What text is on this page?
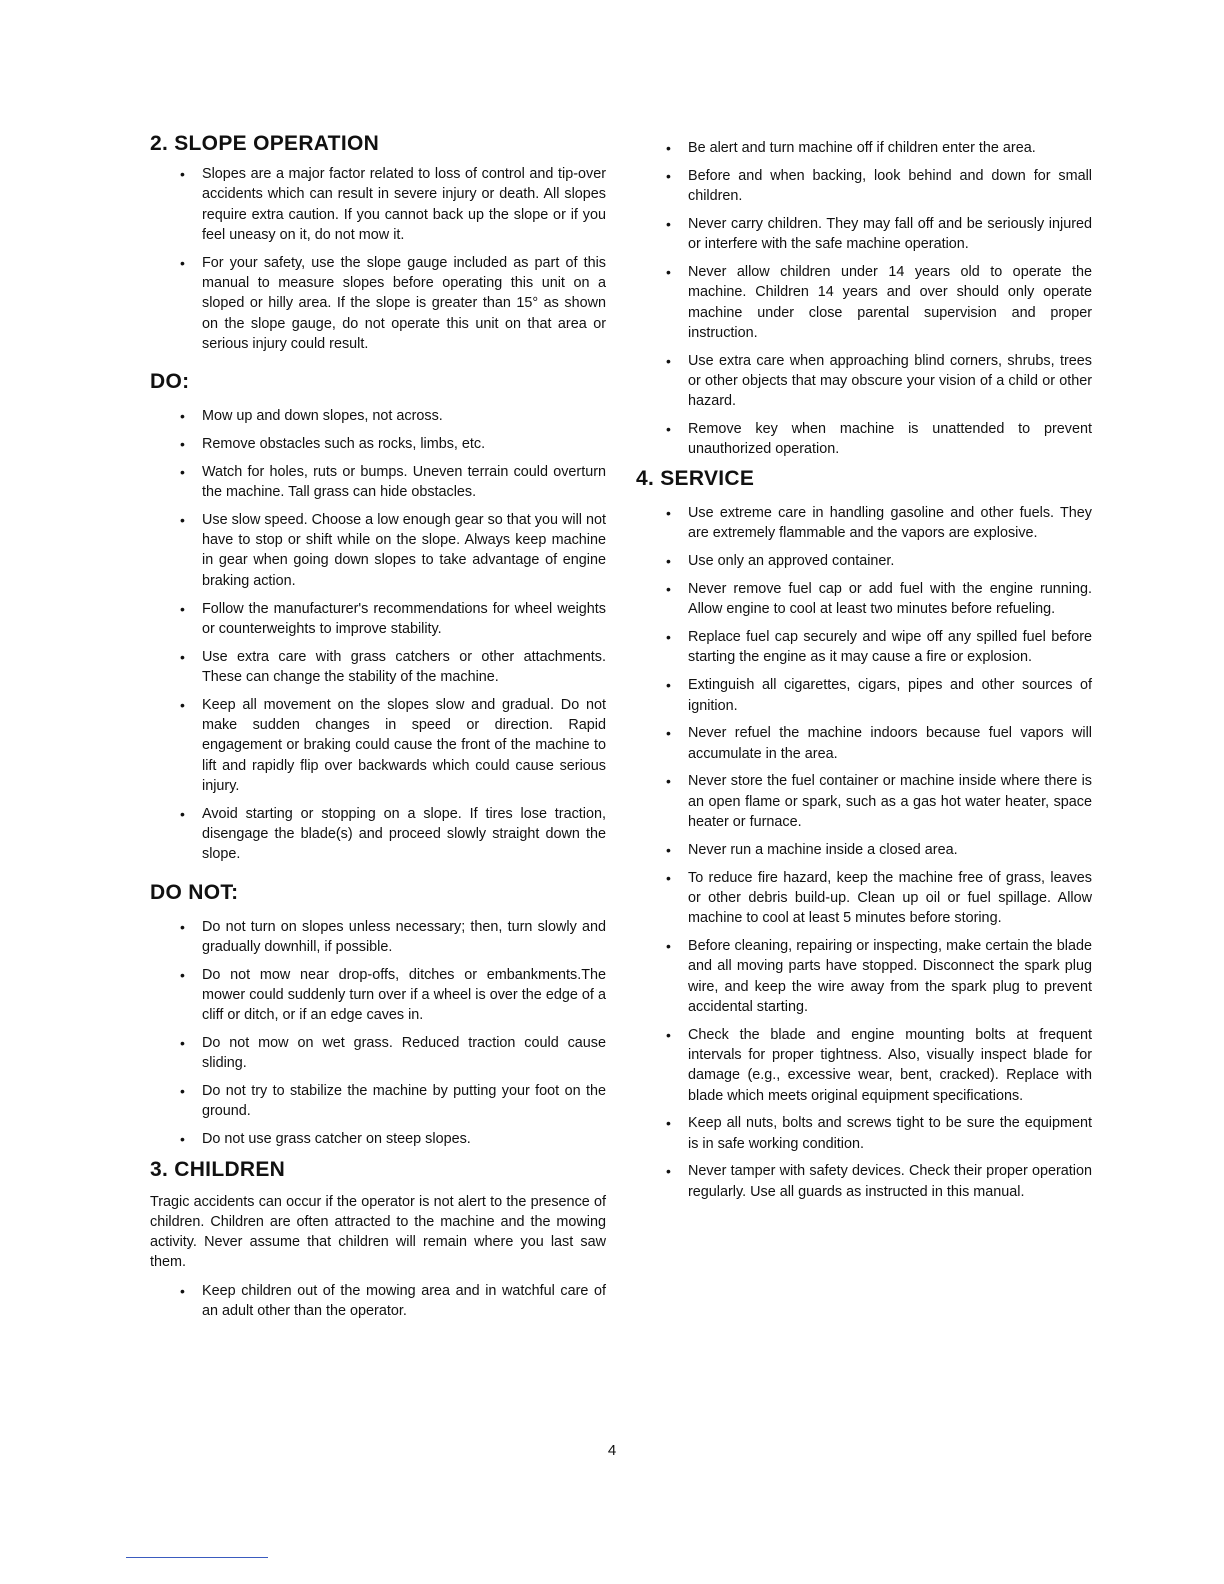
2. SLOPE OPERATION
• Slopes are a major factor related to loss of control and tip-over accidents which can result in severe injury or death. All slopes require extra caution. If you cannot back up the slope or if you feel uneasy on it, do not mow it.
• For your safety, use the slope gauge included as part of this manual to measure slopes before operating this unit on a sloped or hilly area. If the slope is greater than 15° as shown on the slope gauge, do not operate this unit on that area or serious injury could result.
DO:
• Mow up and down slopes, not across.
• Remove obstacles such as rocks, limbs, etc.
• Watch for holes, ruts or bumps. Uneven terrain could overturn the machine. Tall grass can hide obstacles.
• Use slow speed. Choose a low enough gear so that you will not have to stop or shift while on the slope. Always keep machine in gear when going down slopes to take advantage of engine braking action.
• Follow the manufacturer's recommendations for wheel weights or counterweights to improve stability.
• Use extra care with grass catchers or other attachments. These can change the stability of the machine.
• Keep all movement on the slopes slow and gradual. Do not make sudden changes in speed or direction. Rapid engagement or braking could cause the front of the machine to lift and rapidly flip over backwards which could cause serious injury.
• Avoid starting or stopping on a slope. If tires lose traction, disengage the blade(s) and proceed slowly straight down the slope.
DO NOT:
• Do not turn on slopes unless necessary; then, turn slowly and gradually downhill, if possible.
• Do not mow near drop-offs, ditches or embankments.The mower could suddenly turn over if a wheel is over the edge of a cliff or ditch, or if an edge caves in.
• Do not mow on wet grass. Reduced traction could cause sliding.
• Do not try to stabilize the machine by putting your foot on the ground.
• Do not use grass catcher on steep slopes.
3. CHILDREN

Tragic accidents can occur if the operator is not alert to the presence of children. Children are often attracted to the machine and the mowing activity. Never assume that children will remain where you last saw them.

• Keep children out of the mowing area and in watchful care of an adult other than the operator.
• Be alert and turn machine off if children enter the area.
• Before and when backing, look behind and down for small children.
• Never carry children. They may fall off and be seriously injured or interfere with the safe machine operation.
• Never allow children under 14 years old to operate the machine. Children 14 years and over should only operate machine under close parental supervision and proper instruction.
• Use extra care when approaching blind corners, shrubs, trees or other objects that may obscure your vision of a child or other hazard.
• Remove key when machine is unattended to prevent unauthorized operation.
4. SERVICE
• Use extreme care in handling gasoline and other fuels. They are extremely flammable and the vapors are explosive.
• Use only an approved container.
• Never remove fuel cap or add fuel with the engine running. Allow engine to cool at least two minutes before refueling.
• Replace fuel cap securely and wipe off any spilled fuel before starting the engine as it may cause a fire or explosion.
• Extinguish all cigarettes, cigars, pipes and other sources of ignition.
• Never refuel the machine indoors because fuel vapors will accumulate in the area.
• Never store the fuel container or machine inside where there is an open flame or spark, such as a gas hot water heater, space heater or furnace.
• Never run a machine inside a closed area.
• To reduce fire hazard, keep the machine free of grass, leaves or other debris build-up. Clean up oil or fuel spillage. Allow machine to cool at least 5 minutes before storing.
• Before cleaning, repairing or inspecting, make certain the blade and all moving parts have stopped. Disconnect the spark plug wire, and keep the wire away from the spark plug to prevent accidental starting.
• Check the blade and engine mounting bolts at frequent intervals for proper tightness. Also, visually inspect blade for damage (e.g., excessive wear, bent, cracked). Replace with blade which meets original equipment specifications.
• Keep all nuts, bolts and screws tight to be sure the equipment is in safe working condition.
• Never tamper with safety devices. Check their proper operation regularly. Use all guards as instructed in this manual.
4
